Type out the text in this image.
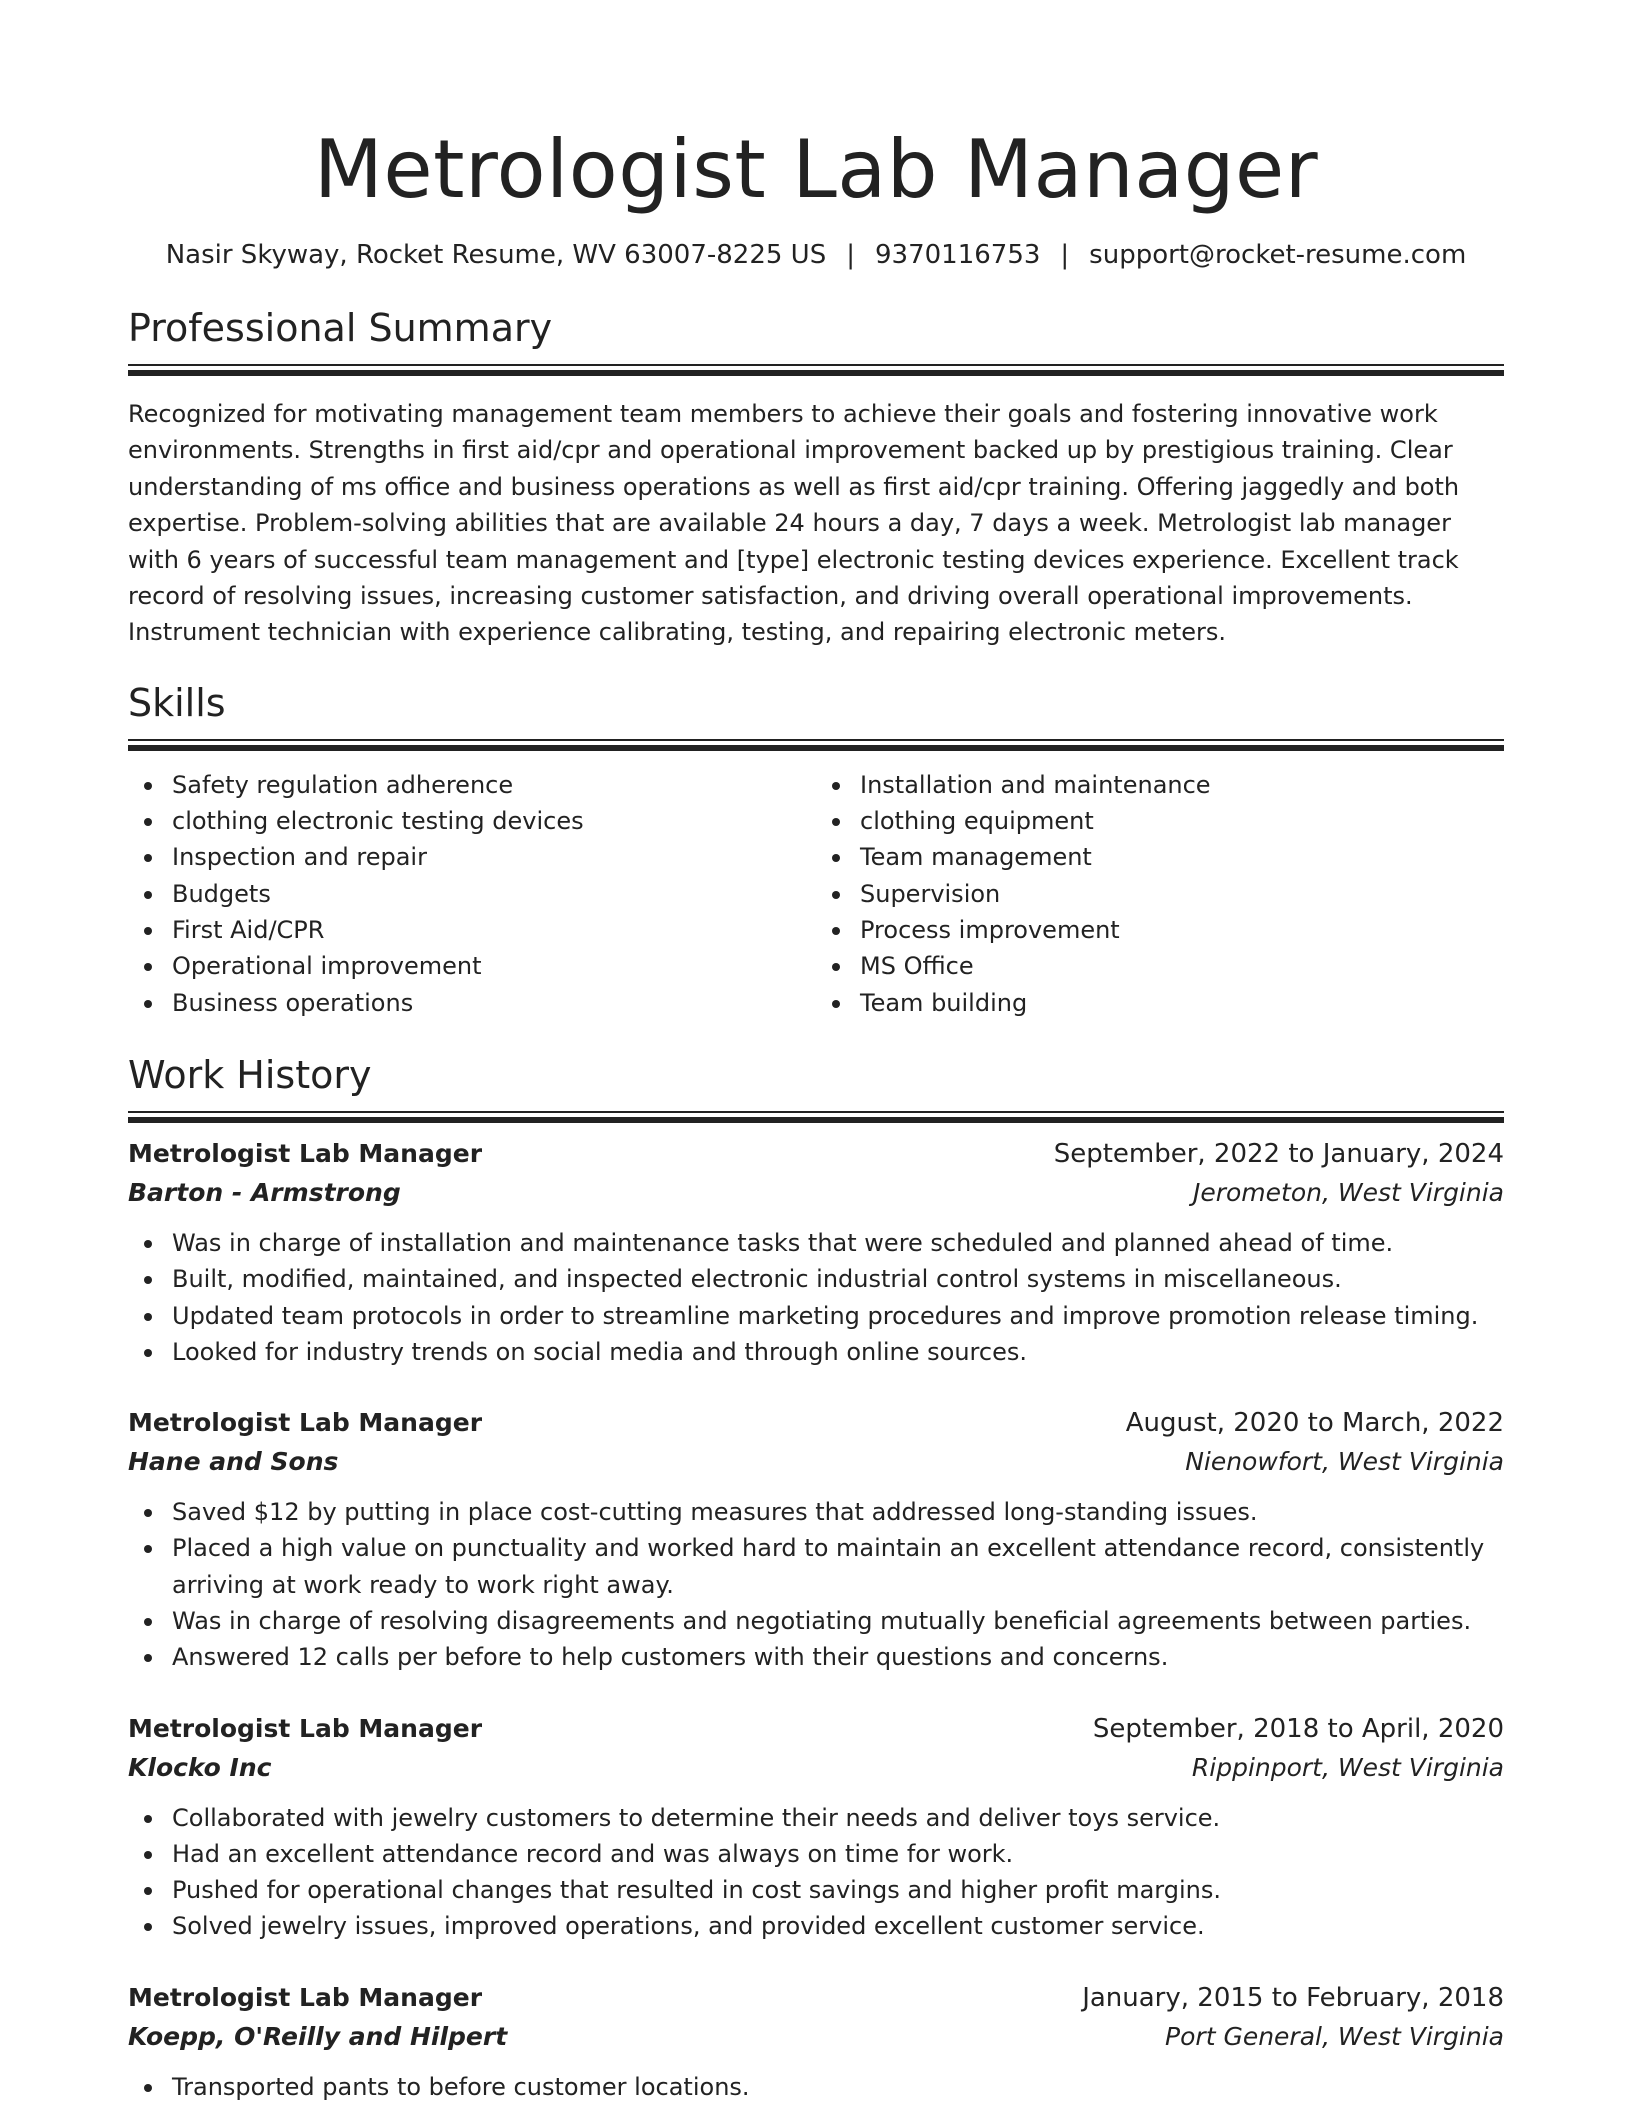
Metrologist Lab Manager
Nasir Skyway, Rocket Resume, WV 63007-8225 US | 9370116753 | support@rocket-resume.com
Professional Summary

Recognized for motivating management team members to achieve their goals and fostering innovative work environments. Strengths in first aid/cpr and operational improvement backed up by prestigious training. Clear understanding of ms office and business operations as well as first aid/cpr training. Offering jaggedly and both expertise. Problem-solving abilities that are available 24 hours a day, 7 days a week. Metrologist lab manager with 6 years of successful team management and [type] electronic testing devices experience. Excellent track record of resolving issues, increasing customer satisfaction, and driving overall operational improvements. Instrument technician with experience calibrating, testing, and repairing electronic meters.

Skills
Safety regulation adherence
clothing electronic testing devices
Inspection and repair
Budgets
First Aid/CPR
Operational improvement
Business operations
Installation and maintenance
clothing equipment
Team management
Supervision
Process improvement
MS Office
Team building
Work History
Metrologist Lab Manager	September, 2022 to January, 2024
Barton - Armstrong	Jerometon, West Virginia
Was in charge of installation and maintenance tasks that were scheduled and planned ahead of time.
Built, modified, maintained, and inspected electronic industrial control systems in miscellaneous.
Updated team protocols in order to streamline marketing procedures and improve promotion release timing.
Looked for industry trends on social media and through online sources.
Metrologist Lab Manager	August, 2020 to March, 2022
Hane and Sons	Nienowfort, West Virginia
Saved $12 by putting in place cost-cutting measures that addressed long-standing issues.
Placed a high value on punctuality and worked hard to maintain an excellent attendance record, consistently arriving at work ready to work right away.
Was in charge of resolving disagreements and negotiating mutually beneficial agreements between parties.
Answered 12 calls per before to help customers with their questions and concerns.
Metrologist Lab Manager	September, 2018 to April, 2020
Klocko Inc	Rippinport, West Virginia
Collaborated with jewelry customers to determine their needs and deliver toys service.
Had an excellent attendance record and was always on time for work.
Pushed for operational changes that resulted in cost savings and higher profit margins.
Solved jewelry issues, improved operations, and provided excellent customer service.
Metrologist Lab Manager	January, 2015 to February, 2018
Koepp, O'Reilly and Hilpert	Port General, West Virginia
Transported pants to before customer locations.
